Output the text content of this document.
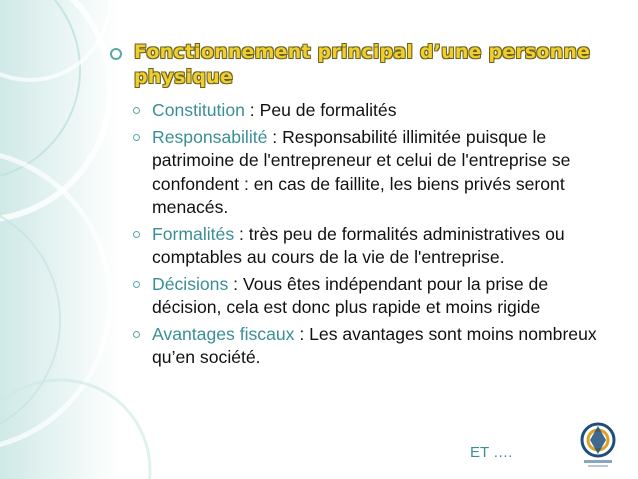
Fonctionnement principal d’une personne physique
Constitution : Peu de formalités
Responsabilité : Responsabilité illimitée puisque le patrimoine de l'entrepreneur et celui de l'entreprise se confondent : en cas de faillite, les biens privés seront menacés.
Formalités : très peu de formalités administratives ou comptables au cours de la vie de l'entreprise.
Décisions : Vous êtes indépendant pour la prise de décision, cela est donc plus rapide et moins rigide
Avantages fiscaux : Les avantages sont moins nombreux qu’en société.
ET ….
